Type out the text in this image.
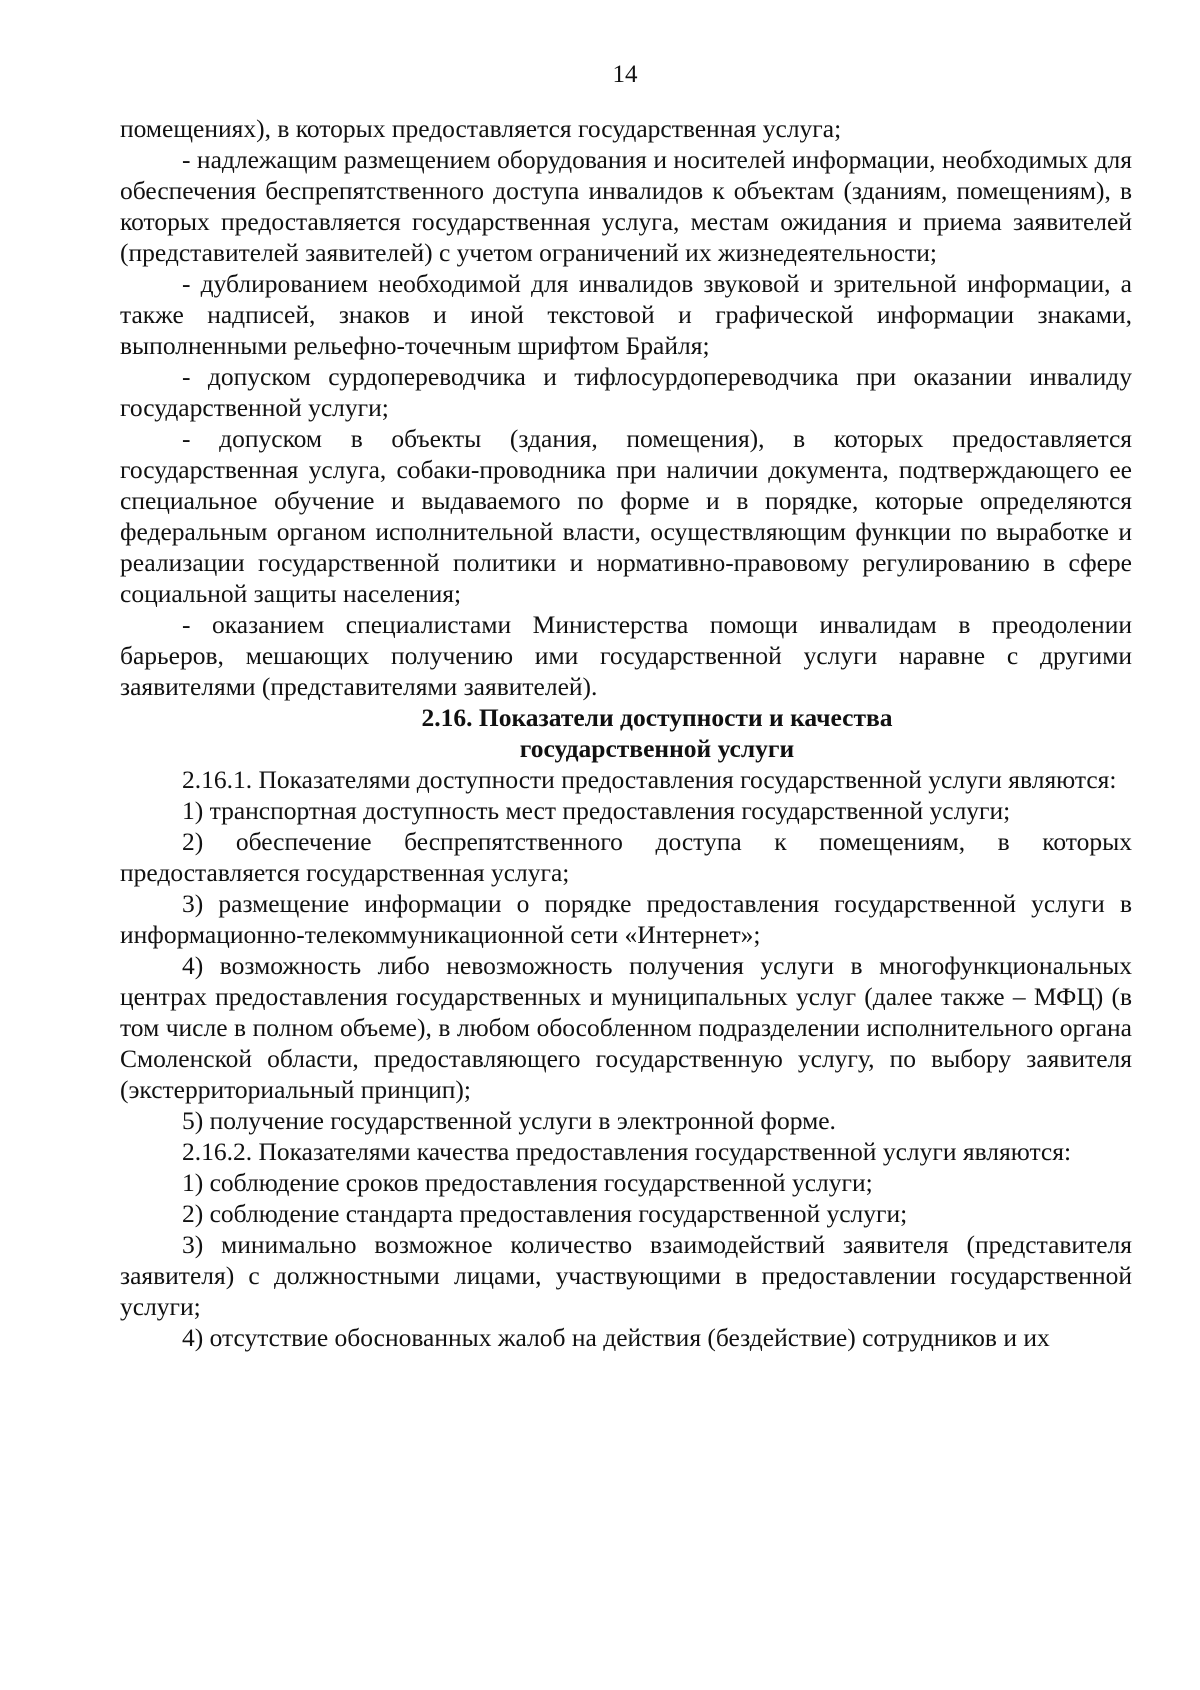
14

помещениях), в которых предоставляется государственная услуга;

- надлежащим размещением оборудования и носителей информации, необходимых для обеспечения беспрепятственного доступа инвалидов к объектам (зданиям, помещениям), в которых предоставляется государственная услуга, местам ожидания и приема заявителей (представителей заявителей) с учетом ограничений их жизнедеятельности;

- дублированием необходимой для инвалидов звуковой и зрительной информации, а также надписей, знаков и иной текстовой и графической информации знаками, выполненными рельефно-точечным шрифтом Брайля;

- допуском сурдопереводчика и тифлосурдопереводчика при оказании инвалиду государственной услуги;

- допуском в объекты (здания, помещения), в которых предоставляется государственная услуга, собаки-проводника при наличии документа, подтверждающего ее специальное обучение и выдаваемого по форме и в порядке, которые определяются федеральным органом исполнительной власти, осуществляющим функции по выработке и реализации государственной политики и нормативно-правовому регулированию в сфере социальной защиты населения;

- оказанием специалистами Министерства помощи инвалидам в преодолении барьеров, мешающих получению ими государственной услуги наравне с другими заявителями (представителями заявителей).

2.16. Показатели доступности и качества
государственной услуги

2.16.1. Показателями доступности предоставления государственной услуги являются:

1) транспортная доступность мест предоставления государственной услуги;

2) обеспечение беспрепятственного доступа к помещениям, в которых предоставляется государственная услуга;

3) размещение информации о порядке предоставления государственной услуги в информационно-телекоммуникационной сети «Интернет»;

4) возможность либо невозможность получения услуги в многофункциональных центрах предоставления государственных и муниципальных услуг (далее также – МФЦ) (в том числе в полном объеме), в любом обособленном подразделении исполнительного органа Смоленской области, предоставляющего государственную услугу, по выбору заявителя (экстерриториальный принцип);

5) получение государственной услуги в электронной форме.

2.16.2. Показателями качества предоставления государственной услуги являются:

1) соблюдение сроков предоставления государственной услуги;

2) соблюдение стандарта предоставления государственной услуги;

3) минимально возможное количество взаимодействий заявителя (представителя заявителя) с должностными лицами, участвующими в предоставлении государственной услуги;

4) отсутствие обоснованных жалоб на действия (бездействие) сотрудников и их
